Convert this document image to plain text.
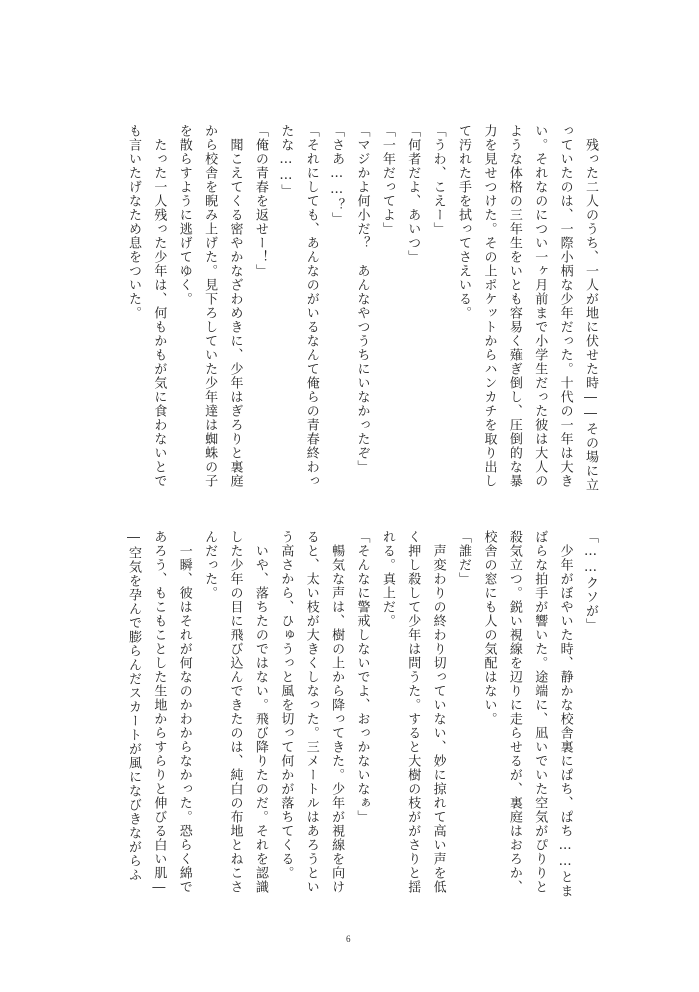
　残った二人のうち、一人が地に伏せた時――その場に立
っていたのは、一際小柄な少年だった。十代の一年は大き
い。それなのについ一ヶ月前まで小学生だった彼は大人の
ような体格の三年生をいとも容易く薙ぎ倒し、圧倒的な暴
力を見せつけた。その上ポケットからハンカチを取り出し
て汚れた手を拭ってさえいる。
「うわ、こえー」
「何者だよ、あいつ」
「一年だってよ」
「マジかよ何小だ？　あんなやつうちにいなかったぞ」
「さあ……？」
「それにしても、あんなのがいるなんて俺らの青春終わっ
たな……」
「俺の青春を返せー！」
　聞こえてくる密やかなざわめきに、少年はぎろりと裏庭
から校舎を睨み上げた。見下ろしていた少年達は蜘蛛の子
を散らすように逃げてゆく。
　たった一人残った少年は、何もかもが気に食わないとで
も言いたげなため息をついた。
「……クソが」
　少年がぼやいた時、静かな校舎裏にぱち、ぱち……とま
ばらな拍手が響いた。途端に、凪いでいた空気がぴりりと
殺気立つ。鋭い視線を辺りに走らせるが、裏庭はおろか、
校舎の窓にも人の気配はない。
「誰だ」
　声変わりの終わり切っていない、妙に掠れて高い声を低
く押し殺して少年は問うた。すると大樹の枝ががさりと揺
れる。真上だ。
「そんなに警戒しないでよ、おっかないなぁ」
　暢気な声は、樹の上から降ってきた。少年が視線を向け
ると、太い枝が大きくしなった。三メートルはあろうとい
う高さから、ひゅうっと風を切って何かが落ちてくる。
　いや、落ちたのではない。飛び降りたのだ。それを認識
した少年の目に飛び込んできたのは、純白の布地とねこさ
んだった。
　一瞬、彼はそれが何なのかわからなかった。恐らく綿で
あろう、もこもことした生地からすらりと伸びる白い肌―
―空気を孕んで膨らんだスカートが風になびきながらふ
6
